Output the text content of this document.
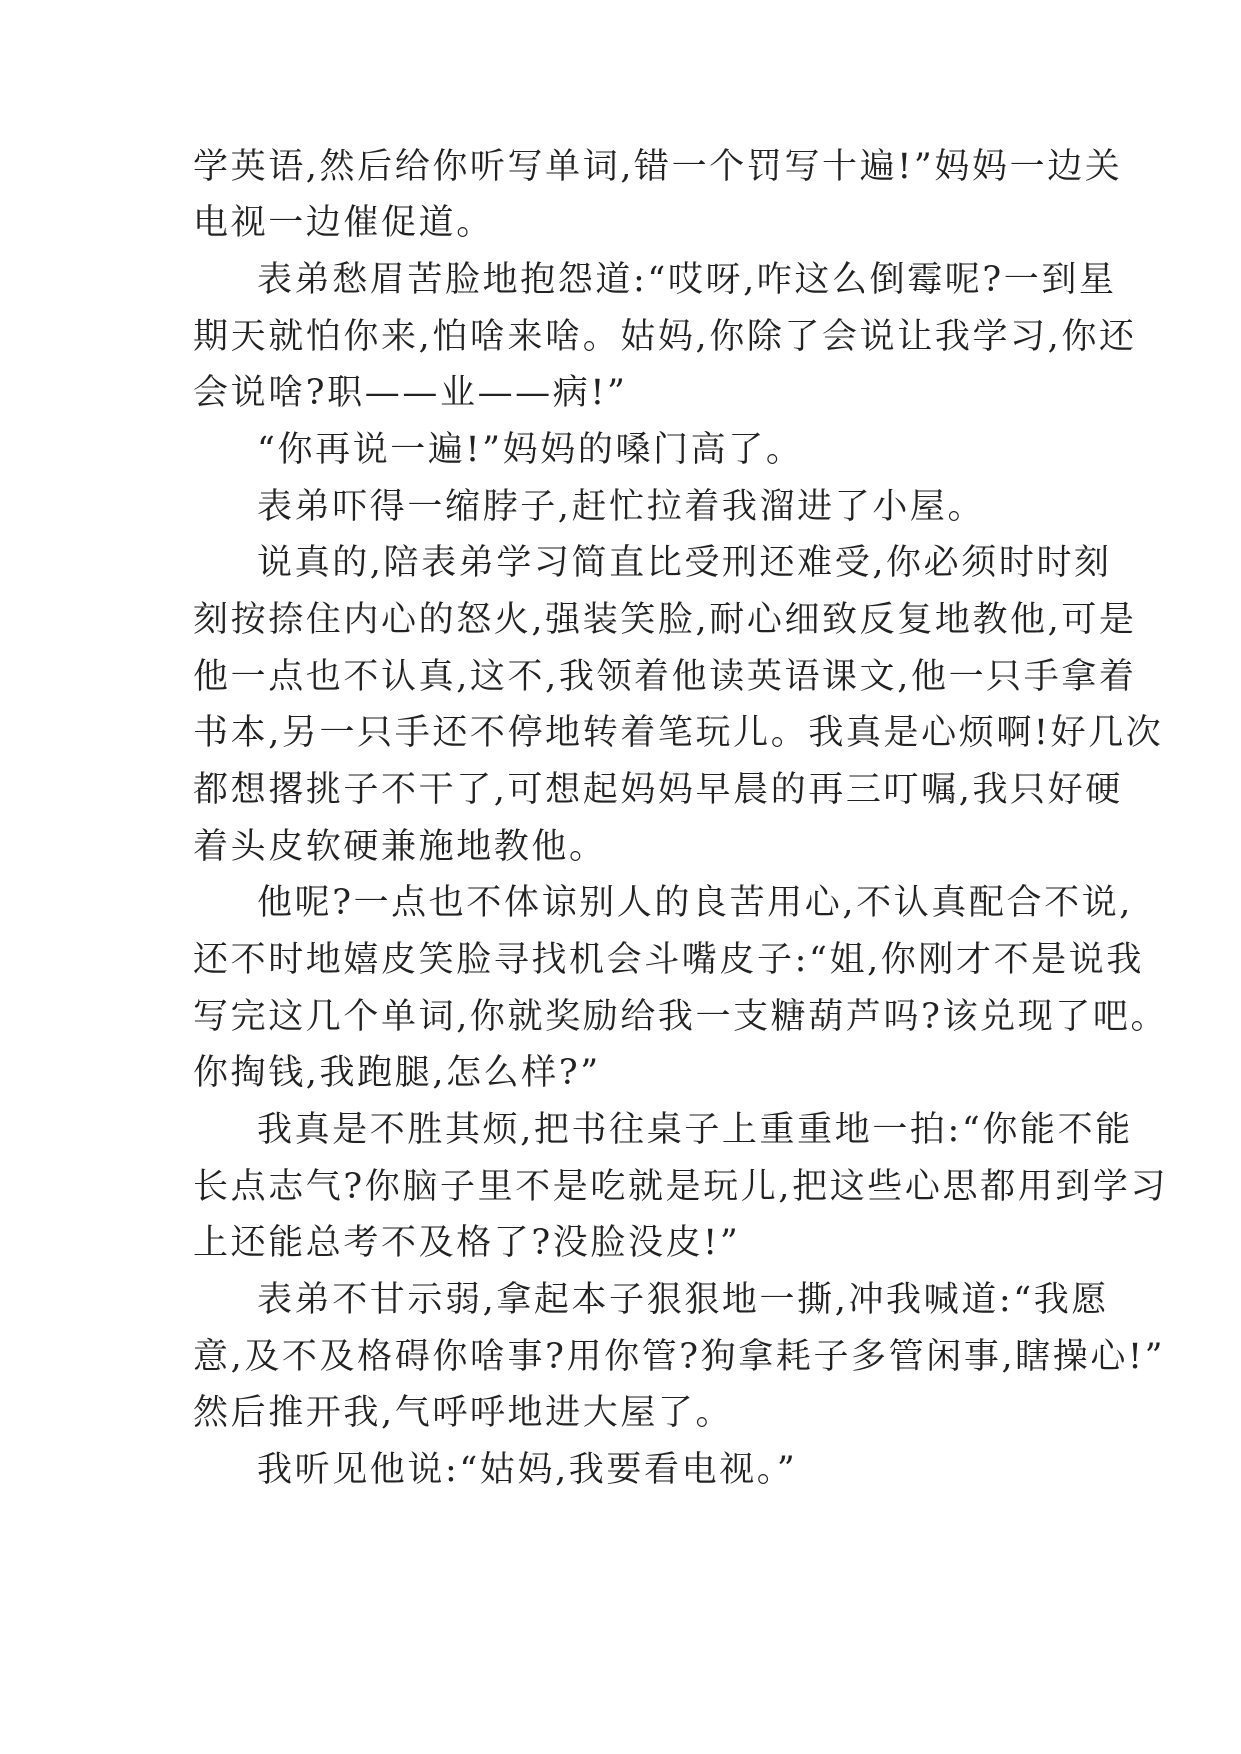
学英语,然后给你听写单词,错一个罚写十遍!”妈妈一边关
电视一边催促道。
表弟愁眉苦脸地抱怨道:“哎呀,咋这么倒霉呢?一到星
期天就怕你来,怕啥来啥。姑妈,你除了会说让我学习,你还
会说啥?职——业——病!”
“你再说一遍!”妈妈的嗓门高了。
表弟吓得一缩脖子,赶忙拉着我溜进了小屋。
说真的,陪表弟学习简直比受刑还难受,你必须时时刻
刻按捺住内心的怒火,强装笑脸,耐心细致反复地教他,可是
他一点也不认真,这不,我领着他读英语课文,他一只手拿着
书本,另一只手还不停地转着笔玩儿。我真是心烦啊!好几次
都想撂挑子不干了,可想起妈妈早晨的再三叮嘱,我只好硬
着头皮软硬兼施地教他。
他呢?一点也不体谅别人的良苦用心,不认真配合不说,
还不时地嬉皮笑脸寻找机会斗嘴皮子:“姐,你刚才不是说我
写完这几个单词,你就奖励给我一支糖葫芦吗?该兑现了吧。
你掏钱,我跑腿,怎么样?”
我真是不胜其烦,把书往桌子上重重地一拍:“你能不能
长点志气?你脑子里不是吃就是玩儿,把这些心思都用到学习
上还能总考不及格了?没脸没皮!”
表弟不甘示弱,拿起本子狠狠地一撕,冲我喊道:“我愿
意,及不及格碍你啥事?用你管?狗拿耗子多管闲事,瞎操心!”
然后推开我,气呼呼地进大屋了。
我听见他说:“姑妈,我要看电视。”
